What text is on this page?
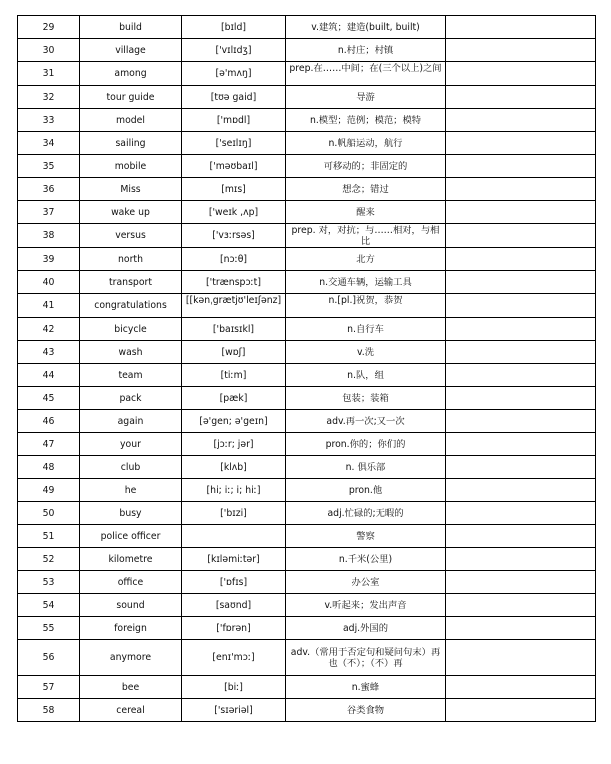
29	build	[bɪld]	v.建筑；建造(built, built)	
30	village	['vɪlɪdʒ]	n.村庄；村镇	
31	among	[ə'mʌŋ]	prep.在……中间；在(三个以上)之间	

32	tour guide	[tʊə gaid]	导游	
33	model	['mɒdl]	n.模型；范例；模范；模特	
34	sailing	['seɪlɪŋ]	n.帆船运动，航行	
35	mobile	['məʊbaɪl]	可移动的；非固定的	
36	Miss	[mɪs]	想念；错过	
37	wake up	['weɪk ,ʌp]	醒来	
38	versus	['vɜːrsəs]	prep. 对，对抗；与……相对，与相比	

39	north	[nɔːθ]	北方	
40	transport	['trænspɔːt]	n.交通车辆，运输工具	
41	congratulations	[[kənˌgrætjʊ'leɪʃənz]	n.[pl.]祝贺，恭贺	

42	bicycle	['baɪsɪkl]	n.自行车	
43	wash	[wɒʃ]	v.洗	
44	team	[tiːm]	n.队，组	
45	pack	[pæk]	包装；装箱	
46	again	[ə'gen; ə'geɪn]	adv.再一次;又一次	
47	your	[jɔːr; jər]	pron.你的；你们的	
48	club	[klʌb]	n. 俱乐部	
49	he	[hi; iː; i; hiː]	pron.他	
50	busy	['bɪzi]	adj.忙碌的;无暇的	
51	police officer		警察	
52	kilometre	[kɪləmiːtər]	n.千米(公里)	
53	office	['ɒfɪs]	办公室	
54	sound	[saʊnd]	v.听起来；发出声音	
55	foreign	['fɒrən]	adj.外国的	
56	anymore	[enɪ'mɔː]	adv.（常用于否定句和疑问句末）再也（不）；（不）再	
57	bee	[biː]	n.蜜蜂	
58	cereal	['sɪəriəl]	谷类食物	
